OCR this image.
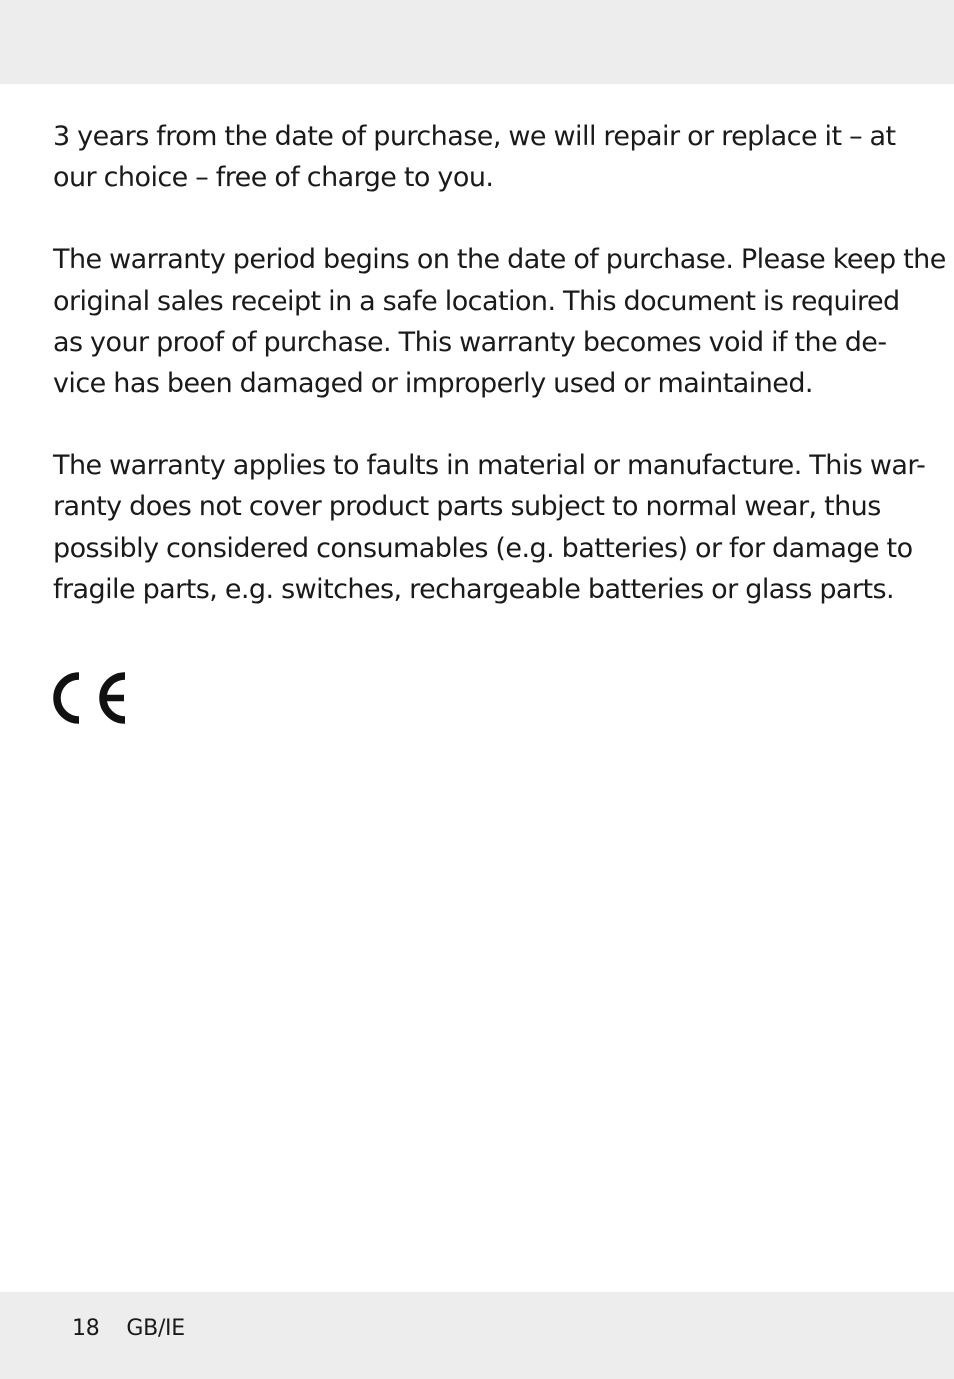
3 years from the date of purchase, we will repair or replace it – at
our choice – free of charge to you.

The warranty period begins on the date of purchase. Please keep the
original sales receipt in a safe location. This document is required
as your proof of purchase. This warranty becomes void if the de-
vice has been damaged or improperly used or maintained.

The warranty applies to faults in material or manufacture. This war-
ranty does not cover product parts subject to normal wear, thus
possibly considered consumables (e.g. batteries) or for damage to
fragile parts, e.g. switches, rechargeable batteries or glass parts.

18 GB/IE
